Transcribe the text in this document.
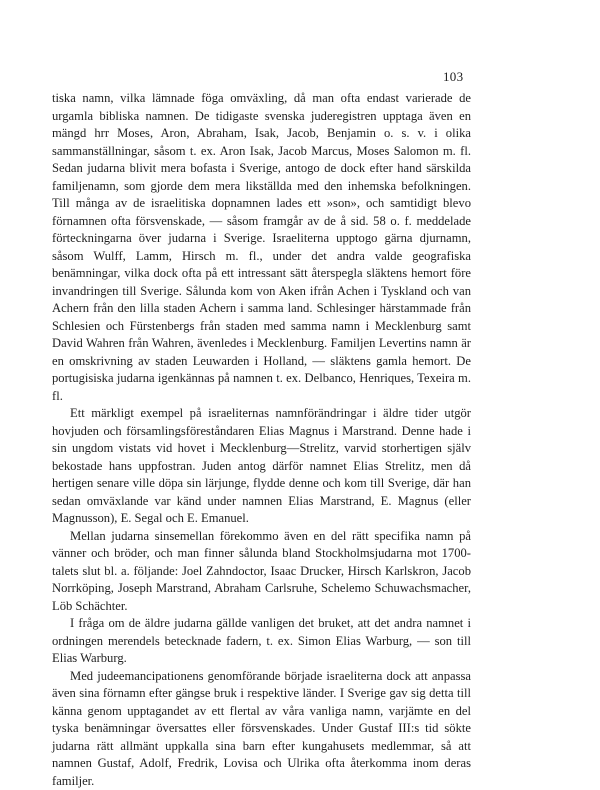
103

tiska namn, vilka lämnade föga omväxling, då man ofta endast varierade de urgamla bibliska namnen. De tidigaste svenska juderegistren upptaga även en mängd hrr Moses, Aron, Abraham, Isak, Jacob, Benjamin o. s. v. i olika sammanställningar, såsom t. ex. Aron Isak, Jacob Marcus, Moses Salomon m. fl. Sedan judarna blivit mera bofasta i Sverige, antogo de dock efter hand särskilda familjenamn, som gjorde dem mera likställda med den inhemska befolkningen. Till många av de israelitiska dopnamnen lades ett »son», och samtidigt blevo förnamnen ofta försvenskade, — såsom framgår av de å sid. 58 o. f. meddelade förteckningarna över judarna i Sverige. Israeliterna upptogo gärna djurnamn, såsom Wulff, Lamm, Hirsch m. fl., under det andra valde geografiska benämningar, vilka dock ofta på ett intressant sätt återspegla släktens hemort före invandringen till Sverige. Sålunda kom von Aken ifrån Achen i Tyskland och van Achern från den lilla staden Achern i samma land. Schlesinger härstammade från Schlesien och Fürstenbergs från staden med samma namn i Mecklenburg samt David Wahren från Wahren, ävenledes i Mecklenburg. Familjen Levertins namn är en omskrivning av staden Leuwarden i Holland, — släktens gamla hemort. De portugisiska judarna igenkännas på namnen t. ex. Delbanco, Henriques, Texeira m. fl.

Ett märkligt exempel på israeliternas namnförändringar i äldre tider utgör hovjuden och församlingsföreståndaren Elias Magnus i Marstrand. Denne hade i sin ungdom vistats vid hovet i Mecklenburg—Strelitz, varvid storhertigen själv bekostade hans uppfostran. Juden antog därför namnet Elias Strelitz, men då hertigen senare ville döpa sin lärjunge, flydde denne och kom till Sverige, där han sedan omväxlande var känd under namnen Elias Marstrand, E. Magnus (eller Magnusson), E. Segal och E. Emanuel.

Mellan judarna sinsemellan förekommo även en del rätt specifika namn på vänner och bröder, och man finner sålunda bland Stockholmsjudarna mot 1700-talets slut bl. a. följande: Joel Zahndoctor, Isaac Drucker, Hirsch Karlskron, Jacob Norrköping, Joseph Marstrand, Abraham Carlsruhe, Schelemo Schuwachsmacher, Löb Schächter.

I fråga om de äldre judarna gällde vanligen det bruket, att det andra namnet i ordningen merendels betecknade fadern, t. ex. Simon Elias Warburg, — son till Elias Warburg.

Med judeemancipationens genomförande började israeliterna dock att anpassa även sina förnamn efter gängse bruk i respektive länder. I Sverige gav sig detta till känna genom upptagandet av ett flertal av våra vanliga namn, varjämte en del tyska benämningar översattes eller försvenskades. Under Gustaf III:s tid sökte judarna rätt allmänt uppkalla sina barn efter kungahusets medlemmar, så att namnen Gustaf, Adolf, Fredrik, Lovisa och Ulrika ofta återkomma inom deras familjer.
